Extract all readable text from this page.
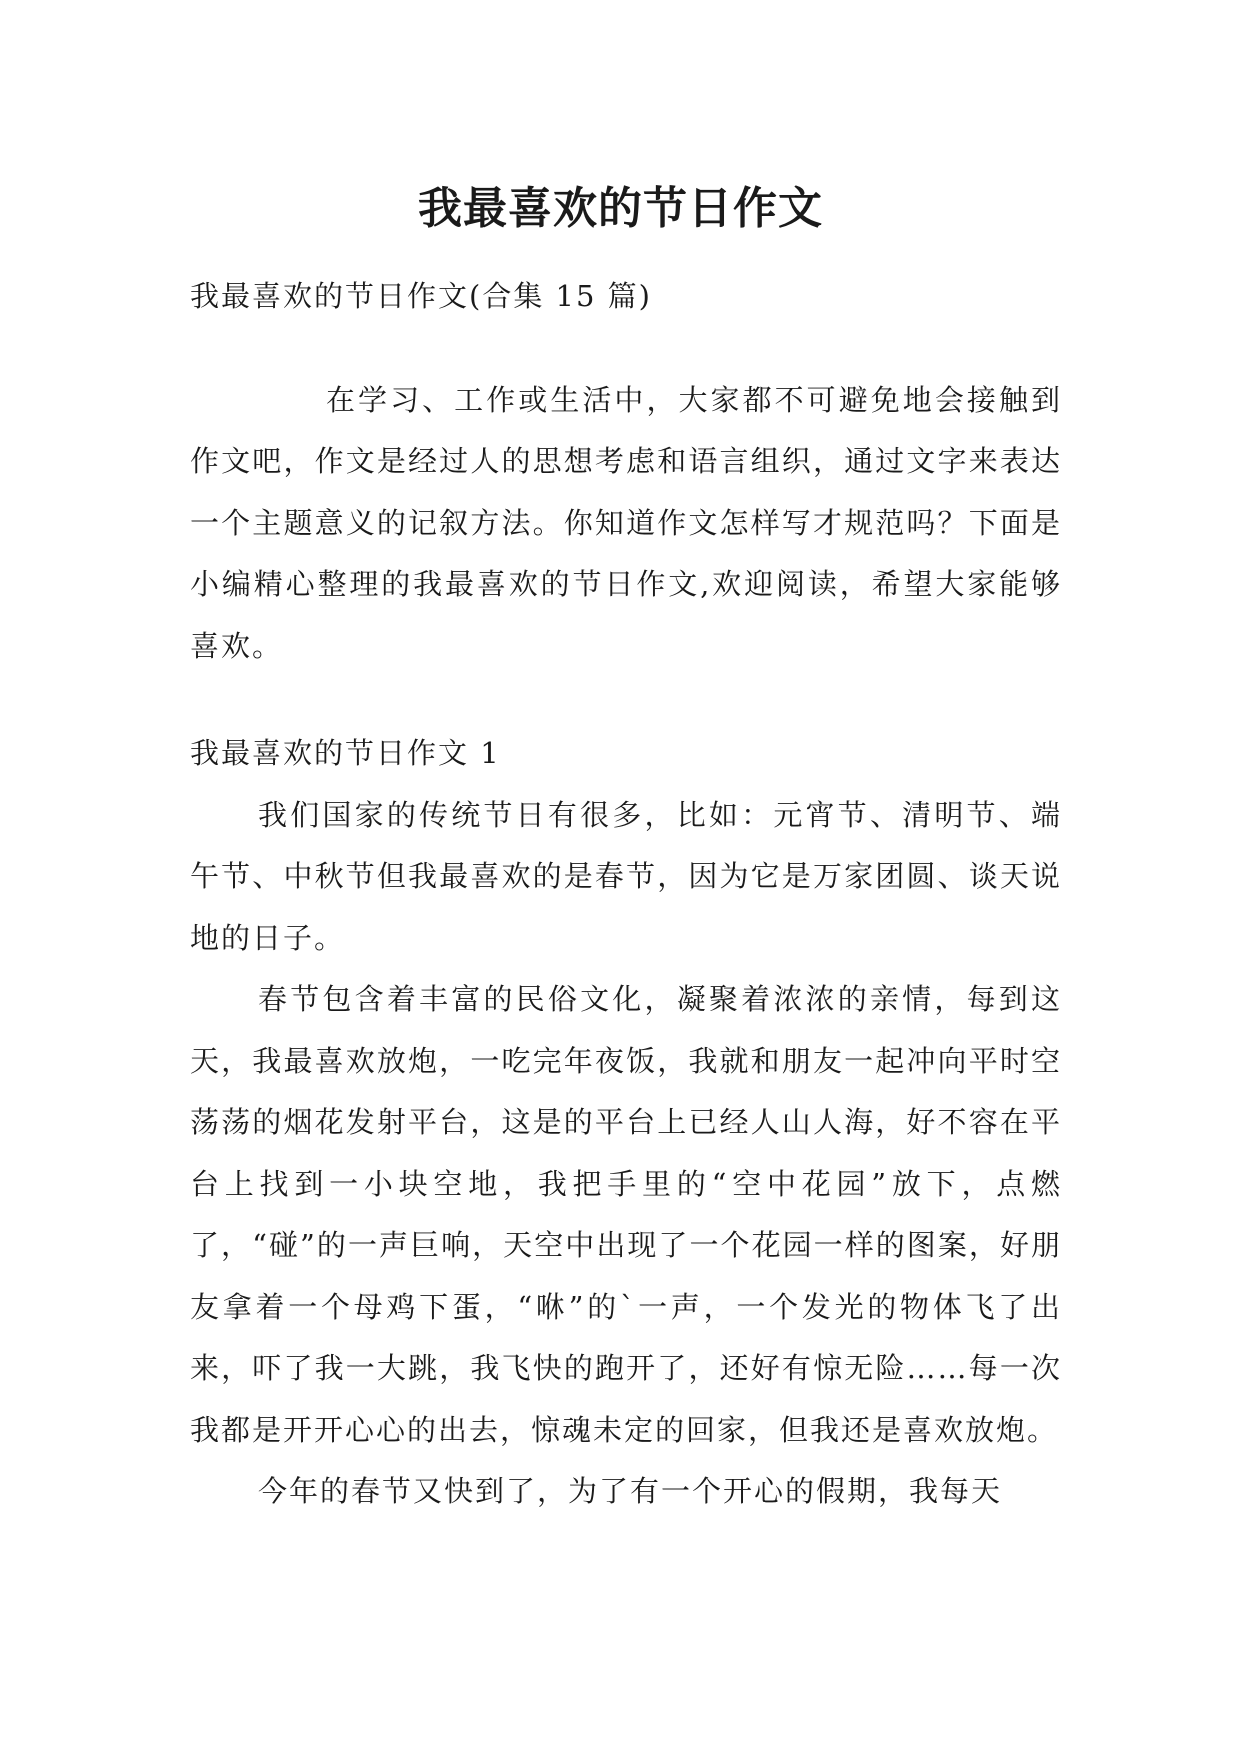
我最喜欢的节日作文

我最喜欢的节日作文(合集 15 篇)

在学习、工作或生活中，大家都不可避免地会接触到作文吧，作文是经过人的思想考虑和语言组织，通过文字来表达一个主题意义的记叙方法。你知道作文怎样写才规范吗？下面是小编精心整理的我最喜欢的节日作文,欢迎阅读，希望大家能够喜欢。

我最喜欢的节日作文 1

我们国家的传统节日有很多，比如：元宵节、清明节、端午节、中秋节但我最喜欢的是春节，因为它是万家团圆、谈天说地的日子。

春节包含着丰富的民俗文化，凝聚着浓浓的亲情，每到这天，我最喜欢放炮，一吃完年夜饭，我就和朋友一起冲向平时空荡荡的烟花发射平台，这是的平台上已经人山人海，好不容在平台上找到一小块空地，我把手里的“空中花园”放下，点燃了，“碰”的一声巨响，天空中出现了一个花园一样的图案，好朋友拿着一个母鸡下蛋，“咻”的`一声，一个发光的物体飞了出来，吓了我一大跳，我飞快的跑开了，还好有惊无险……每一次我都是开开心心的出去，惊魂未定的回家，但我还是喜欢放炮。

今年的春节又快到了，为了有一个开心的假期，我每天
